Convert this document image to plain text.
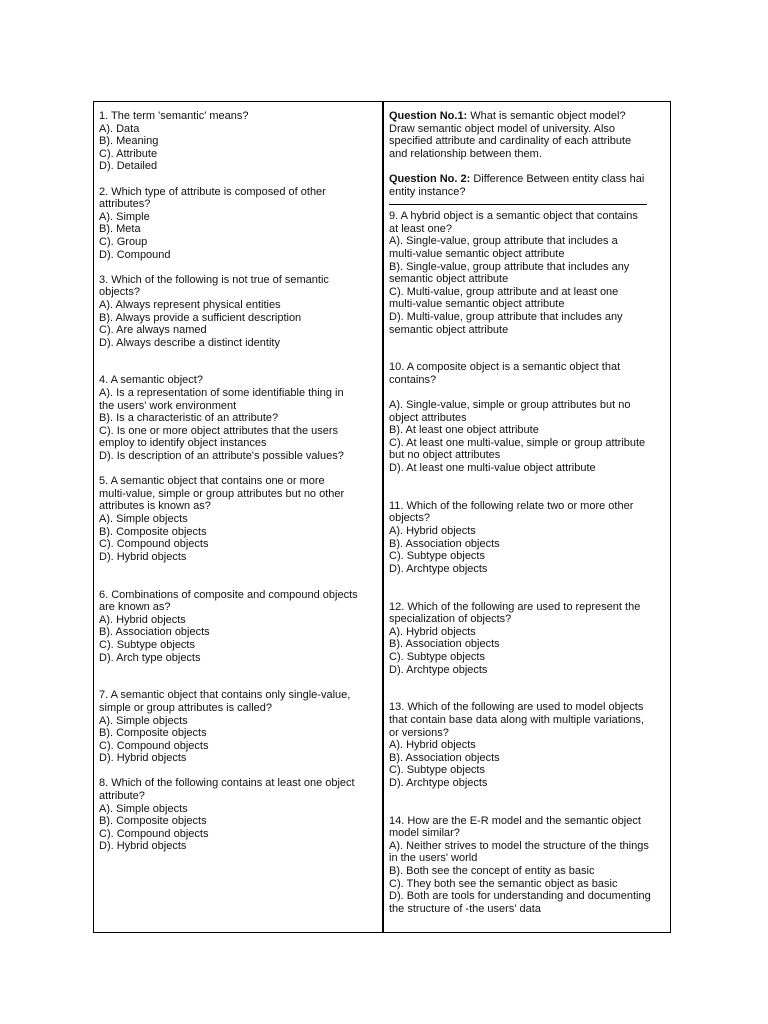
1. The term 'semantic' means?
A). Data
B). Meaning
C). Attribute
D). Detailed
2. Which type of attribute is composed of other
attributes?
A). Simple
B). Meta
C). Group
D). Compound
3. Which of the following is not true of semantic
objects?
A). Always represent physical entities
B). Always provide a sufficient description
C). Are always named
D). Always describe a distinct identity
4. A semantic object?
A). Is a representation of some identifiable thing in
the users' work environment
B). Is a characteristic of an attribute?
C). Is one or more object attributes that the users
employ to identify object instances
D). Is description of an attribute's possible values?
5. A semantic object that contains one or more
multi-value, simple or group attributes but no other
attributes is known as?
A). Simple objects
B). Composite objects
C). Compound objects
D). Hybrid objects
6. Combinations of composite and compound objects
are known as?
A). Hybrid objects
B). Association objects
C). Subtype objects
D). Arch type objects
7. A semantic object that contains only single-value,
simple or group attributes is called?
A). Simple objects
B). Composite objects
C). Compound objects
D). Hybrid objects
8. Which of the following contains at least one object
attribute?
A). Simple objects
B). Composite objects
C). Compound objects
D). Hybrid objects
Question No.1: What is semantic object model?
Draw semantic object model of university. Also
specified attribute and cardinality of each attribute
and relationship between them.
Question No. 2: Difference Between entity class hai
entity instance?
9. A hybrid object is a semantic object that contains
at least one?
A). Single-value, group attribute that includes a
multi-value semantic object attribute
B). Single-value, group attribute that includes any
semantic object attribute
C). Multi-value, group attribute and at least one
multi-value semantic object attribute
D). Multi-value, group attribute that includes any
semantic object attribute
10. A composite object is a semantic object that
contains?

A). Single-value, simple or group attributes but no
object attributes
B). At least one object attribute
C). At least one multi-value, simple or group attribute
but no object attributes
D). At least one multi-value object attribute
11. Which of the following relate two or more other
objects?
A). Hybrid objects
B). Association objects
C). Subtype objects
D). Archtype objects
12. Which of the following are used to represent the
specialization of objects?
A). Hybrid objects
B). Association objects
C). Subtype objects
D). Archtype objects
13. Which of the following are used to model objects
that contain base data along with multiple variations,
or versions?
A). Hybrid objects
B). Association objects
C). Subtype objects
D). Archtype objects
14. How are the E-R model and the semantic object
model similar?
A). Neither strives to model the structure of the things
in the users' world
B). Both see the concept of entity as basic
C). They both see the semantic object as basic
D). Both are tools for understanding and documenting
the structure of -the users' data
